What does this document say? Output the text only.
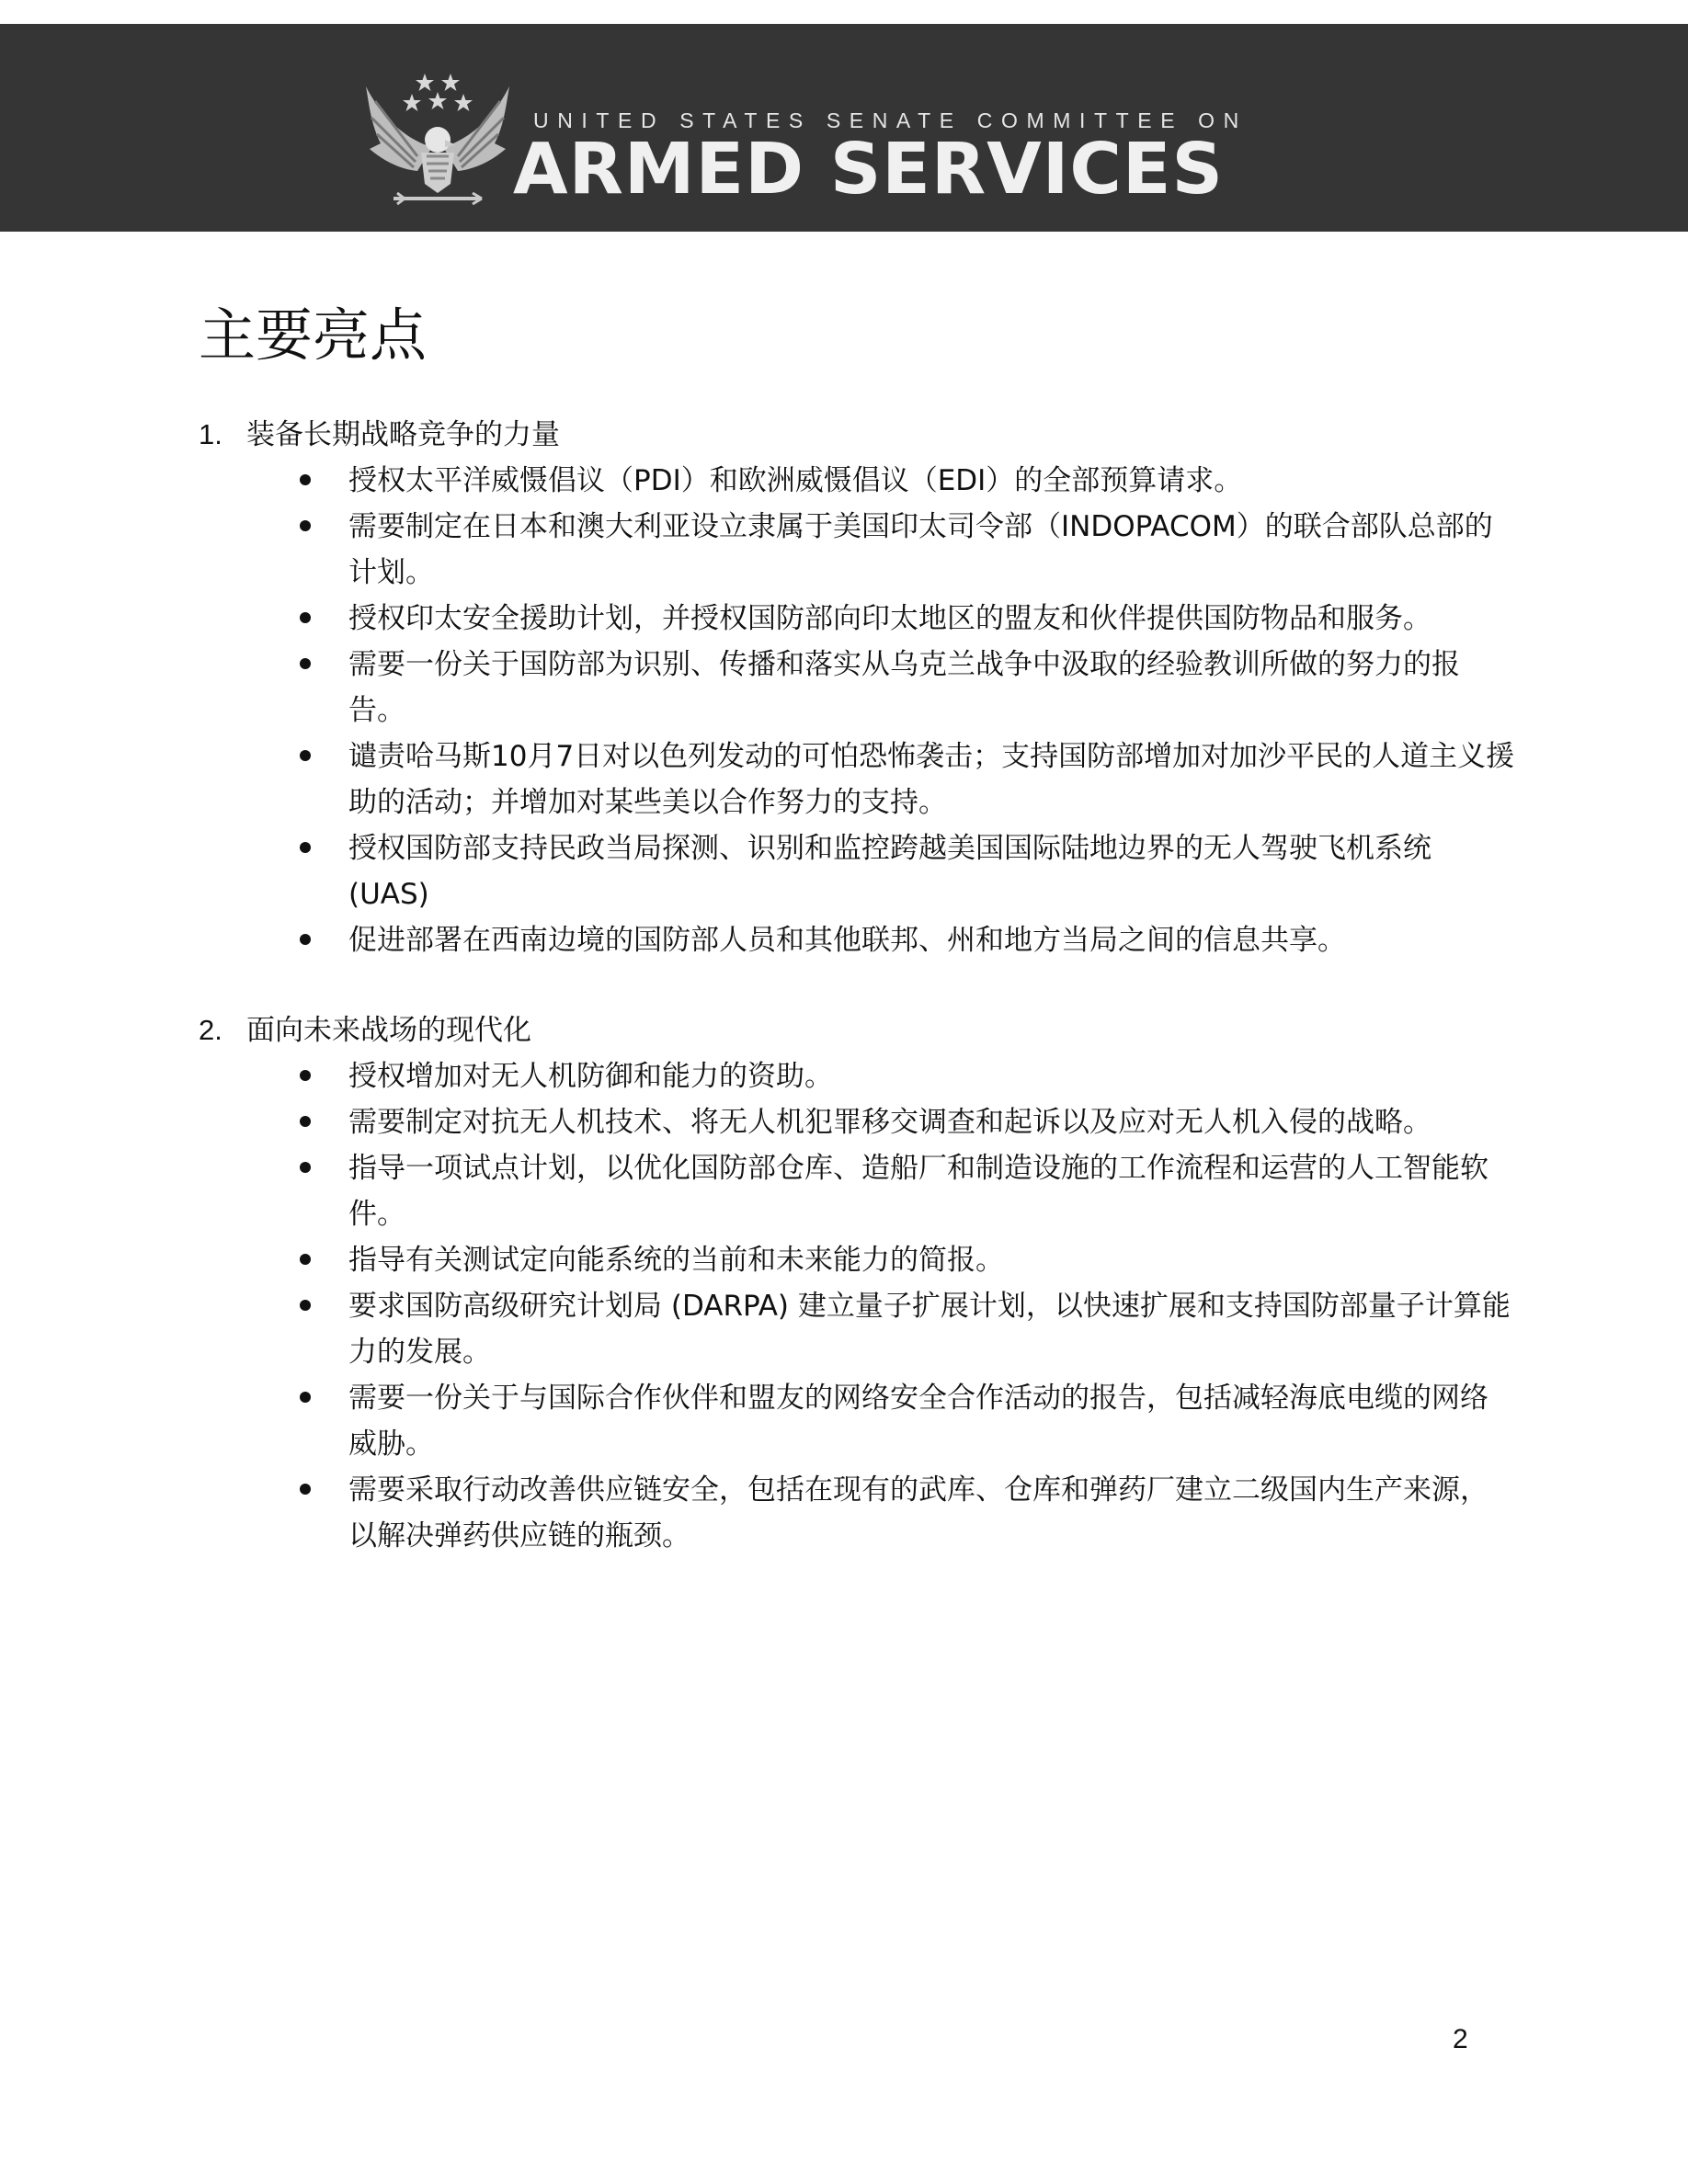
UNITED STATES SENATE COMMITTEE ON
ARMED SERVICES
主要亮点
1. 装备长期战略竞争的力量
授权太平洋威慑倡议（PDI）和欧洲威慑倡议（EDI）的全部预算请求。
需要制定在日本和澳大利亚设立隶属于美国印太司令部（INDOPACOM）的联合部队总部的计划。
授权印太安全援助计划，并授权国防部向印太地区的盟友和伙伴提供国防物品和服务。
需要一份关于国防部为识别、传播和落实从乌克兰战争中汲取的经验教训所做的努力的报告。
谴责哈马斯10月7日对以色列发动的可怕恐怖袭击；支持国防部增加对加沙平民的人道主义援助的活动；并增加对某些美以合作努力的支持。
授权国防部支持民政当局探测、识别和监控跨越美国国际陆地边界的无人驾驶飞机系统 (UAS)
促进部署在西南边境的国防部人员和其他联邦、州和地方当局之间的信息共享。
2. 面向未来战场的现代化
授权增加对无人机防御和能力的资助。
需要制定对抗无人机技术、将无人机犯罪移交调查和起诉以及应对无人机入侵的战略。
指导一项试点计划，以优化国防部仓库、造船厂和制造设施的工作流程和运营的人工智能软件。
指导有关测试定向能系统的当前和未来能力的简报。
要求国防高级研究计划局 (DARPA) 建立量子扩展计划，以快速扩展和支持国防部量子计算能力的发展。
需要一份关于与国际合作伙伴和盟友的网络安全合作活动的报告，包括减轻海底电缆的网络威胁。
需要采取行动改善供应链安全，包括在现有的武库、仓库和弹药厂建立二级国内生产来源，以解决弹药供应链的瓶颈。
2
